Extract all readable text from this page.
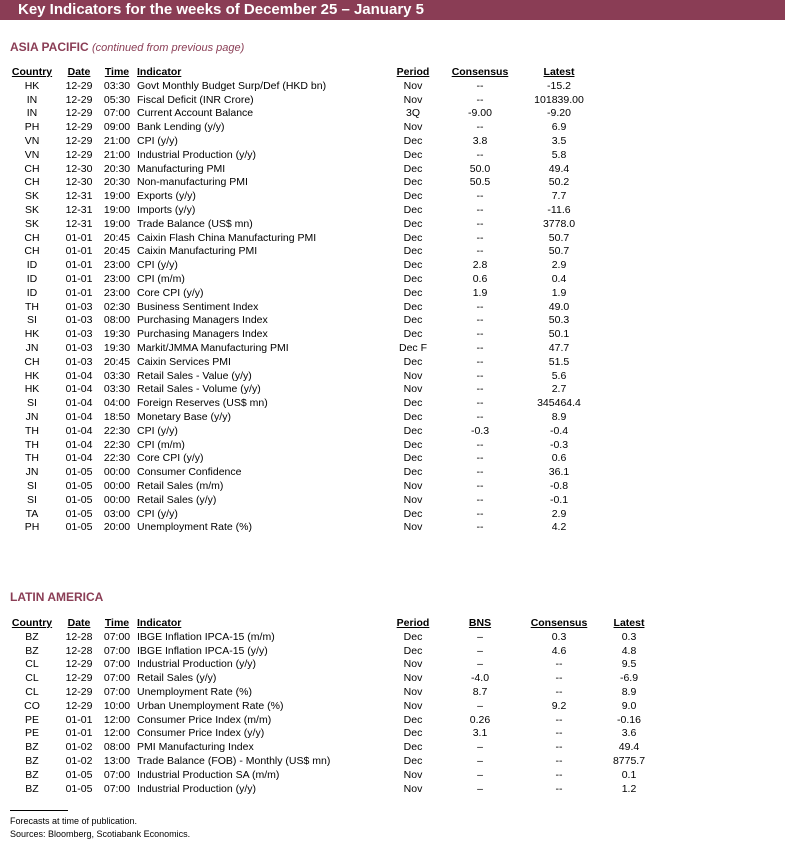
Key Indicators for the weeks of December 25 – January 5
ASIA PACIFIC (continued from previous page)
Country	Date	Time Indicator	Period	Consensus	Latest
HK	12-29	03:30 Govt Monthly Budget Surp/Def (HKD bn)	Nov	--	-15.2
IN	12-29	05:30 Fiscal Deficit (INR Crore)	Nov	--	101839.00
IN	12-29	07:00 Current Account Balance	3Q	-9.00	-9.20
PH	12-29	09:00 Bank Lending (y/y)	Nov	--	6.9
VN	12-29	21:00 CPI (y/y)	Dec	3.8	3.5
VN	12-29	21:00 Industrial Production (y/y)	Dec	--	5.8
CH	12-30	20:30 Manufacturing PMI	Dec	50.0	49.4
CH	12-30	20:30 Non-manufacturing PMI	Dec	50.5	50.2
SK	12-31	19:00 Exports (y/y)	Dec	--	7.7
SK	12-31	19:00 Imports (y/y)	Dec	--	-11.6
SK	12-31	19:00 Trade Balance (US$ mn)	Dec	--	3778.0
CH	01-01	20:45 Caixin Flash China Manufacturing PMI	Dec	--	50.7
CH	01-01	20:45 Caixin Manufacturing PMI	Dec	--	50.7
ID	01-01	23:00 CPI (y/y)	Dec	2.8	2.9
ID	01-01	23:00 CPI (m/m)	Dec	0.6	0.4
ID	01-01	23:00 Core CPI (y/y)	Dec	1.9	1.9
TH	01-03	02:30 Business Sentiment Index	Dec	--	49.0
SI	01-03	08:00 Purchasing Managers Index	Dec	--	50.3
HK	01-03	19:30 Purchasing Managers Index	Dec	--	50.1
JN	01-03	19:30 Markit/JMMA Manufacturing PMI	Dec F	--	47.7
CH	01-03	20:45 Caixin Services PMI	Dec	--	51.5
HK	01-04	03:30 Retail Sales - Value (y/y)	Nov	--	5.6
HK	01-04	03:30 Retail Sales - Volume (y/y)	Nov	--	2.7
SI	01-04	04:00 Foreign Reserves (US$ mn)	Dec	--	345464.4
JN	01-04	18:50 Monetary Base (y/y)	Dec	--	8.9
TH	01-04	22:30 CPI (y/y)	Dec	-0.3	-0.4
TH	01-04	22:30 CPI (m/m)	Dec	--	-0.3
TH	01-04	22:30 Core CPI (y/y)	Dec	--	0.6
JN	01-05	00:00 Consumer Confidence	Dec	--	36.1
SI	01-05	00:00 Retail Sales (m/m)	Nov	--	-0.8
SI	01-05	00:00 Retail Sales (y/y)	Nov	--	-0.1
TA	01-05	03:00 CPI (y/y)	Dec	--	2.9
PH	01-05	20:00 Unemployment Rate (%)	Nov	--	4.2
LATIN AMERICA
Country	Date	Time Indicator	Period	BNS	Consensus	Latest
BZ	12-28	07:00 IBGE Inflation IPCA-15 (m/m)	Dec	–	0.3	0.3
BZ	12-28	07:00 IBGE Inflation IPCA-15 (y/y)	Dec	–	4.6	4.8
CL	12-29	07:00 Industrial Production (y/y)	Nov	–	--	9.5
CL	12-29	07:00 Retail Sales (y/y)	Nov	-4.0	--	-6.9
CL	12-29	07:00 Unemployment Rate (%)	Nov	8.7	--	8.9
CO	12-29	10:00 Urban Unemployment Rate (%)	Nov	–	9.2	9.0
PE	01-01	12:00 Consumer Price Index (m/m)	Dec	0.26	--	-0.16
PE	01-01	12:00 Consumer Price Index (y/y)	Dec	3.1	--	3.6
BZ	01-02	08:00 PMI Manufacturing Index	Dec	–	--	49.4
BZ	01-02	13:00 Trade Balance (FOB) - Monthly (US$ mn)	Dec	–	--	8775.7
BZ	01-05	07:00 Industrial Production SA (m/m)	Nov	–	--	0.1
BZ	01-05	07:00 Industrial Production (y/y)	Nov	–	--	1.2
Forecasts at time of publication.
Sources: Bloomberg, Scotiabank Economics.
